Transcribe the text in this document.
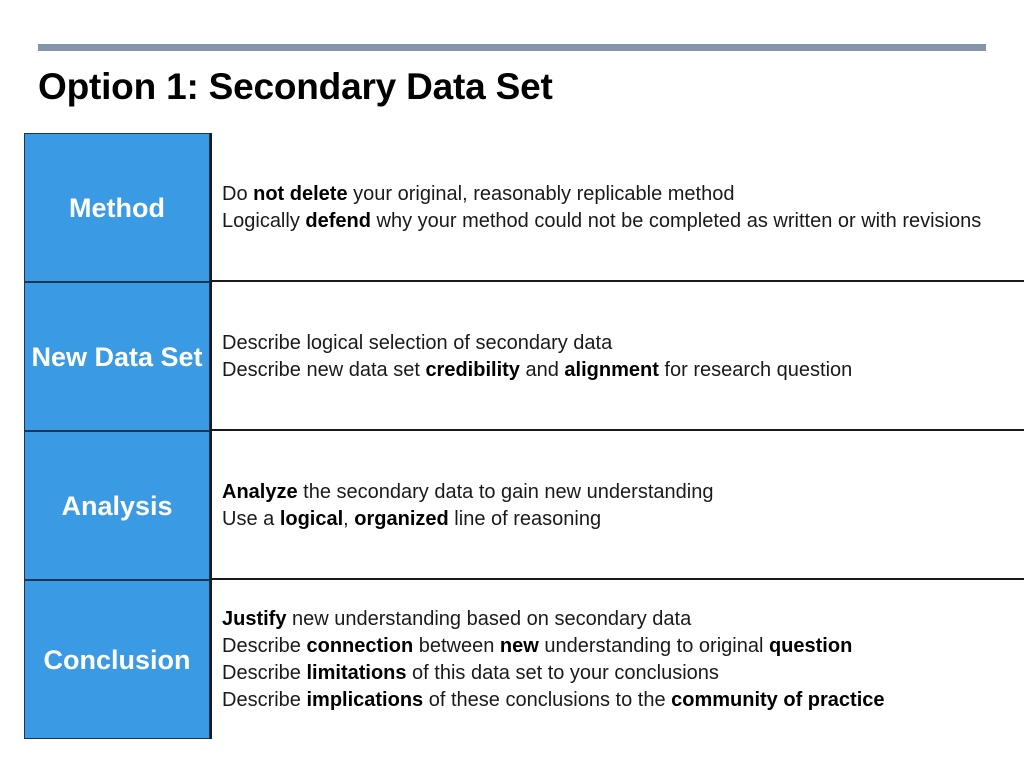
Option 1: Secondary Data Set
Method	Do not delete your original, reasonably replicable method
Logically defend why your method could not be completed as written or with revisions
New Data Set Describe logical selection of secondary data
Describe new data set credibility and alignment for research question
Analysis	Analyze the secondary data to gain new understanding
Use a logical, organized line of reasoning
Conclusion
Justify new understanding based on secondary data
Describe connection between new understanding to original question
Describe limitations of this data set to your conclusions
Describe implications of these conclusions to the community of practice
